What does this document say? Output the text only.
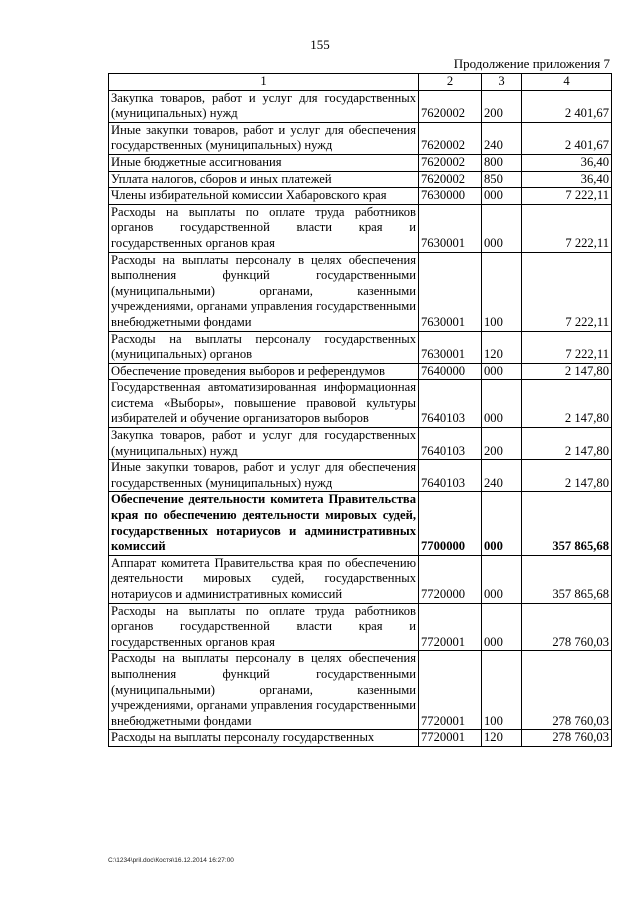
155
Продолжение приложения 7
1	2	3	4
Закупка товаров, работ и услуг для государственных (муниципальных) нужд	7620002	200	2 401,67
Иные закупки товаров, работ и услуг для обеспечения государственных (муниципальных) нужд	7620002	240	2 401,67
Иные бюджетные ассигнования	7620002	800	36,40
Уплата налогов, сборов и иных платежей	7620002	850	36,40
Члены избирательной комиссии Хабаровского края	7630000	000	7 222,11
Расходы на выплаты по оплате труда работников органов государственной власти края и государственных органов края	7630001	000	7 222,11
Расходы на выплаты персоналу в целях обеспечения выполнения функций государственными (муниципальными) органами, казенными учреждениями, органами управления государственными внебюджетными фондами	7630001	100	7 222,11
Расходы на выплаты персоналу государственных (муниципальных) органов	7630001	120	7 222,11
Обеспечение проведения выборов и референдумов	7640000	000	2 147,80
Государственная автоматизированная информационная система «Выборы», повышение правовой культуры избирателей и обучение организаторов выборов	7640103	000	2 147,80
Закупка товаров, работ и услуг для государственных (муниципальных) нужд	7640103	200	2 147,80
Иные закупки товаров, работ и услуг для обеспечения государственных (муниципальных) нужд	7640103	240	2 147,80
Обеспечение деятельности комитета Правительства края по обеспечению деятельности мировых судей, государственных нотариусов и административных комиссий	7700000	000	357 865,68
Аппарат комитета Правительства края по обеспечению деятельности мировых судей, государственных нотариусов и административных комиссий	7720000	000	357 865,68
Расходы на выплаты по оплате труда работников органов государственной власти края и государственных органов края	7720001	000	278 760,03
Расходы на выплаты персоналу в целях обеспечения выполнения функций государственными (муниципальными) органами, казенными учреждениями, органами управления государственными внебюджетными фондами	7720001	100	278 760,03
Расходы на выплаты персоналу государственных	7720001	120	278 760,03
C:\1234\pril.doc\Костя\16.12.2014 16:27:00
